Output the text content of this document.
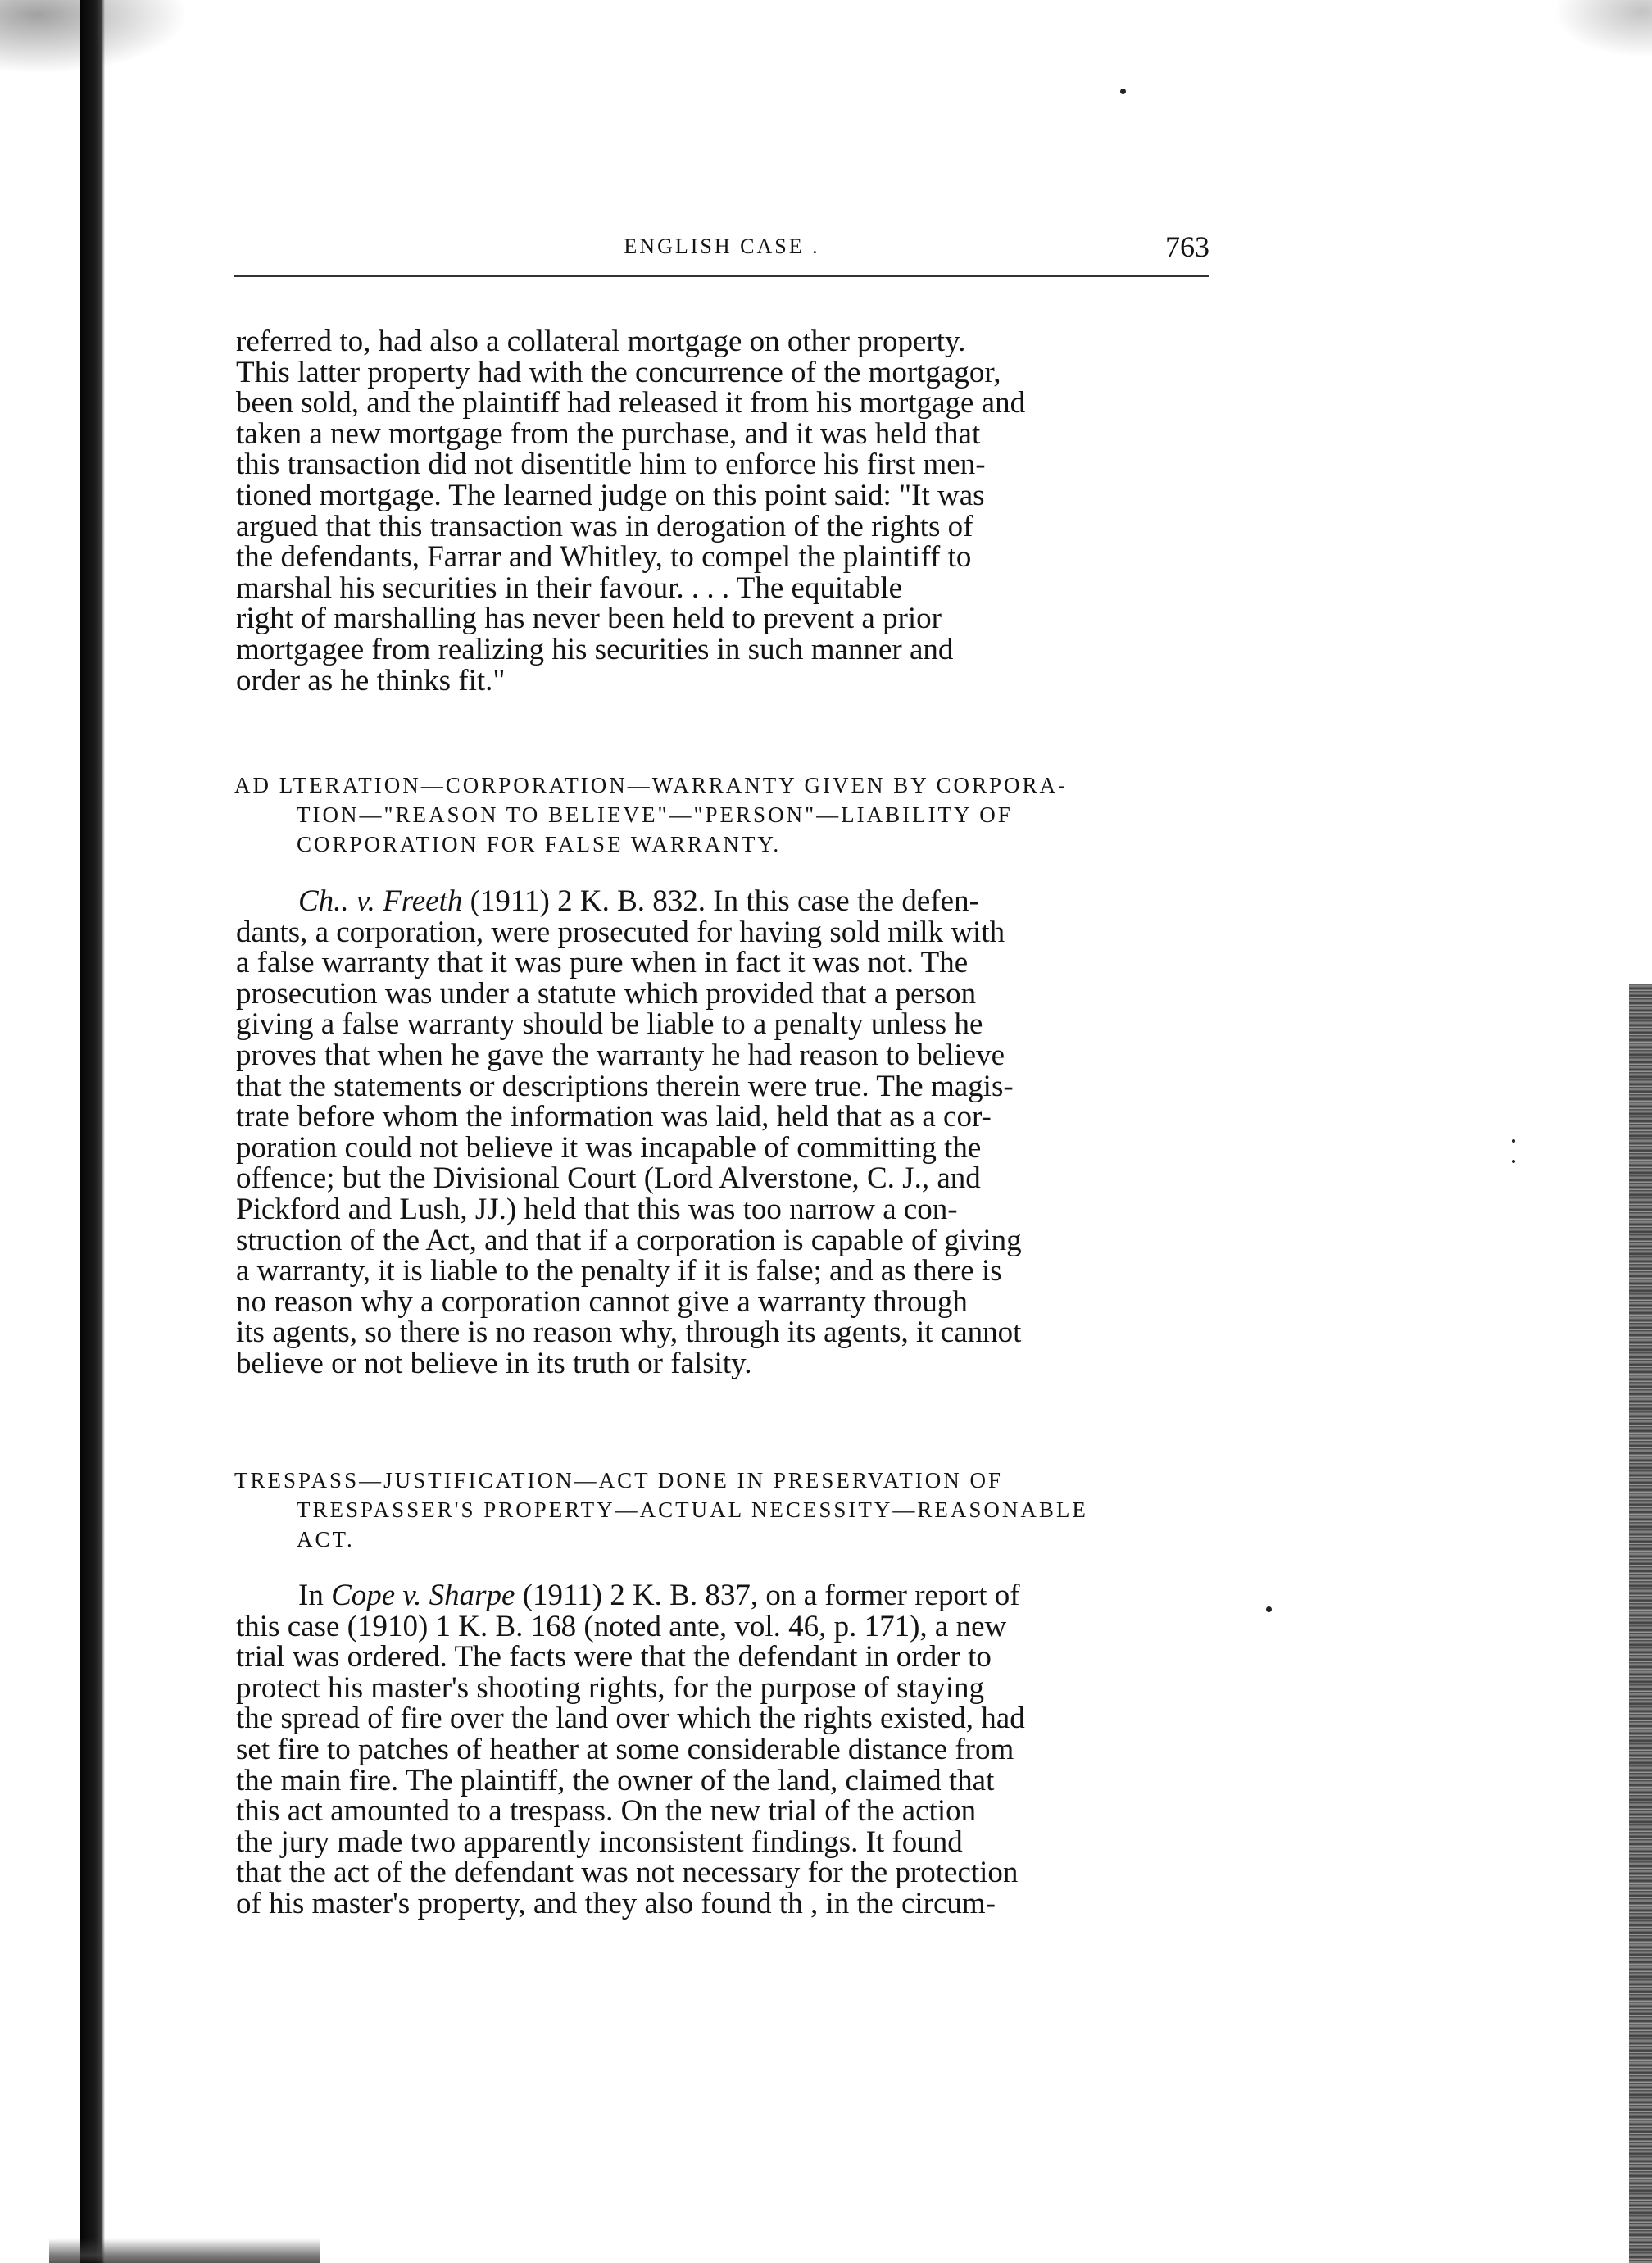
ENGLISH CASE .	763

referred to, had also a collateral mortgage on other property.

This latter property had with the concurrence of the mortgagor,

been sold, and the plaintiff had released it from his mortgage and

taken a new mortgage from the purchase, and it was held that

this transaction did not disentitle him to enforce his first men-

tioned mortgage. The learned judge on this point said: "It was

argued that this transaction was in derogation of the rights of

the defendants, Farrar and Whitley, to compel the plaintiff to

marshal his securities in their favour. . . . The equitable

right of marshalling has never been held to prevent a prior

mortgagee from realizing his securities in such manner and

order as he thinks fit."

AD LTERATION—CORPORATION—WARRANTY GIVEN BY CORPORA-
TION—"REASON TO BELIEVE"—"PERSON"—LIABILITY OF
CORPORATION FOR FALSE WARRANTY.

Ch.. v. Freeth (1911) 2 K. B. 832. In this case the defen-

dants, a corporation, were prosecuted for having sold milk with

a false warranty that it was pure when in fact it was not. The

prosecution was under a statute which provided that a person

giving a false warranty should be liable to a penalty unless he

proves that when he gave the warranty he had reason to believe

that the statements or descriptions therein were true. The magis-

trate before whom the information was laid, held that as a cor-

poration could not believe it was incapable of committing the

offence; but the Divisional Court (Lord Alverstone, C. J., and

Pickford and Lush, JJ.) held that this was too narrow a con-

struction of the Act, and that if a corporation is capable of giving

a warranty, it is liable to the penalty if it is false; and as there is

no reason why a corporation cannot give a warranty through

its agents, so there is no reason why, through its agents, it cannot

believe or not believe in its truth or falsity.

TRESPASS—JUSTIFICATION—ACT DONE IN PRESERVATION OF
TRESPASSER'S PROPERTY—ACTUAL NECESSITY—REASONABLE
ACT.

In Cope v. Sharpe (1911) 2 K. B. 837, on a former report of

this case (1910) 1 K. B. 168 (noted ante, vol. 46, p. 171), a new

trial was ordered. The facts were that the defendant in order to

protect his master's shooting rights, for the purpose of staying

the spread of fire over the land over which the rights existed, had

set fire to patches of heather at some considerable distance from

the main fire. The plaintiff, the owner of the land, claimed that

this act amounted to a trespass. On the new trial of the action

the jury made two apparently inconsistent findings. It found

that the act of the defendant was not necessary for the protection

of his master's property, and they also found th , in the circum-
